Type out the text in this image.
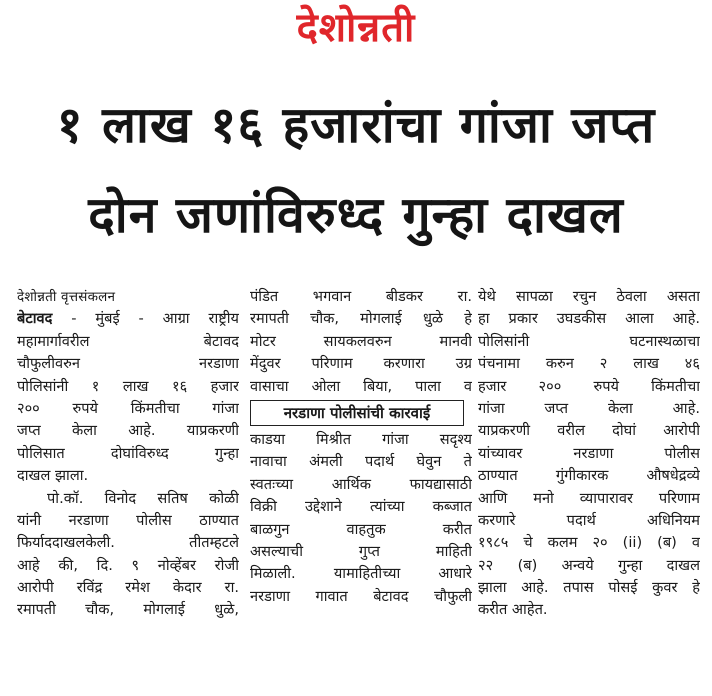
देशोन्नती
१ लाख १६ हजारांचा गांजा जप्त
दोन जणांविरुध्द गुन्हा दाखल
देशोन्नती वृत्तसंकलन
बेटावद - मुंबई - आग्रा राष्ट्रीय
महामार्गावरील बेटावद
चौफुलीवरुन नरडाणा
पोलिसांनी १ लाख १६ हजार
२०० रुपये किंमतीचा गांजा
जप्त केला आहे. याप्रकरणी
पोलिसात दोघांविरुध्द गुन्हा
दाखल झाला.
पो.कॉ. विनोद सतिष कोळी
यांनी नरडाणा पोलीस ठाण्यात
फिर्याददाखलकेली. तीतम्हटले
आहे की, दि. ९ नोव्हेंबर रोजी
आरोपी रविंद्र रमेश केदार रा.
रमापती चौक, मोगलाई धुळे,
पंडित भगवान बीडकर रा.
रमापती चौक, मोगलाई धुळे हे
मोटर सायकलवरुन मानवी
मेंदुवर परिणाम करणारा उग्र
वासाचा ओला बिया, पाला व
नरडाणा पोलीसांची कारवाई
काडया मिश्रीत गांजा सदृश्य
नावाचा अंमली पदार्थ घेवुन ते
स्वतःच्या आर्थिक फायद्यासाठी
विक्री उद्देशाने त्यांच्या कब्जात
बाळगुन वाहतुक करीत
असल्याची गुप्त माहिती
मिळाली. यामाहितीच्या आधारे
नरडाणा गावात बेटावद चौफुली
येथे सापळा रचुन ठेवला असता
हा प्रकार उघडकीस आला आहे.
पोलिसांनी घटनास्थळाचा
पंचनामा करुन २ लाख ४६
हजार २०० रुपये किंमतीचा
गांजा जप्त केला आहे.
याप्रकरणी वरील दोघां आरोपी
यांच्यावर नरडाणा पोलीस
ठाण्यात गुंगीकारक औषधेद्रव्ये
आणि मनो व्यापारावर परिणाम
करणारे पदार्थ अधिनियम
१९८५ चे कलम २० (ii) (ब) व
२२ (ब) अन्वये गुन्हा दाखल
झाला आहे. तपास पोसई कुवर हे
करीत आहेत.
